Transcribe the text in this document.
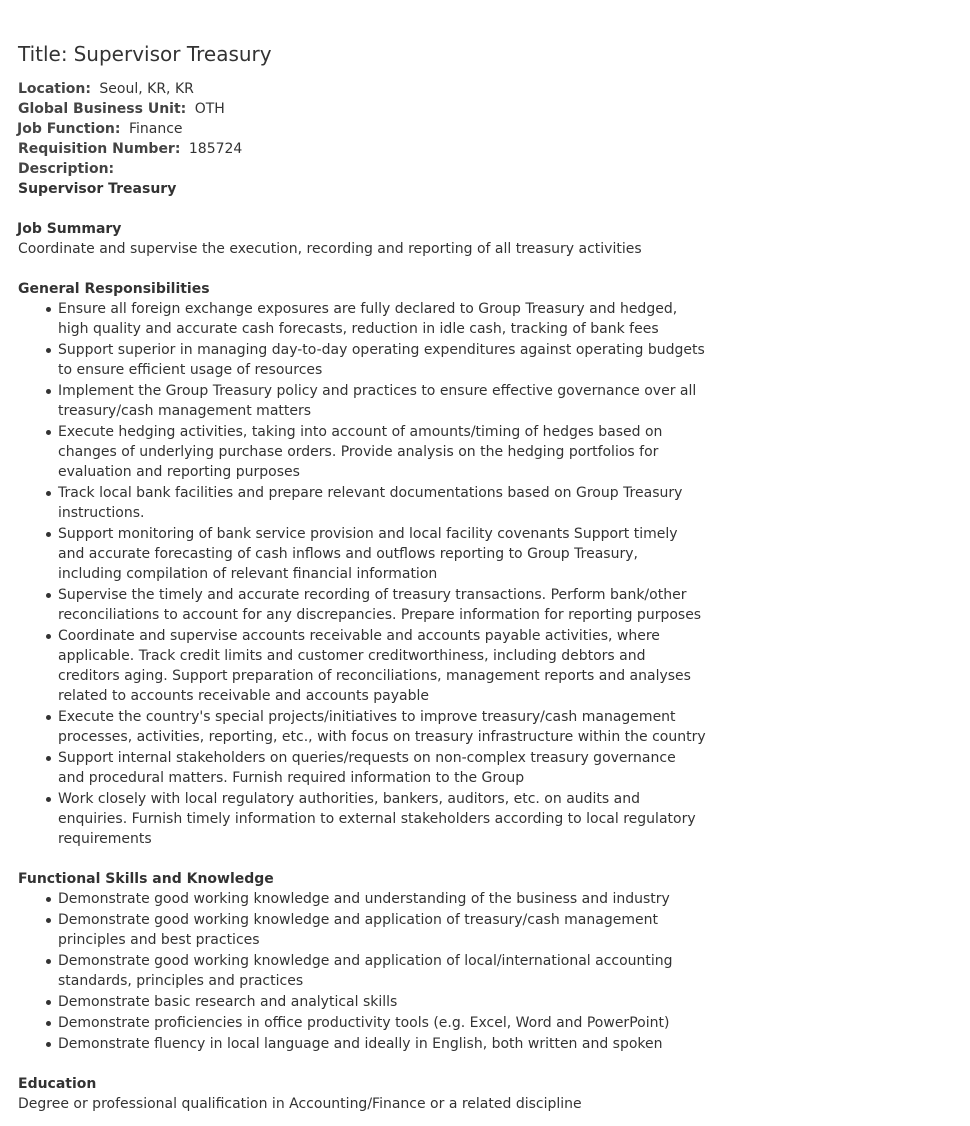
Title: Supervisor Treasury
Location: Seoul, KR, KR
Global Business Unit: OTH
Job Function: Finance
Requisition Number: 185724
Description:
Supervisor Treasury
Job Summary
Coordinate and supervise the execution, recording and reporting of all treasury activities
General Responsibilities
Ensure all foreign exchange exposures are fully declared to Group Treasury and hedged, high quality and accurate cash forecasts, reduction in idle cash, tracking of bank fees
Support superior in managing day-to-day operating expenditures against operating budgets to ensure efficient usage of resources
Implement the Group Treasury policy and practices to ensure effective governance over all treasury/cash management matters
Execute hedging activities, taking into account of amounts/timing of hedges based on changes of underlying purchase orders. Provide analysis on the hedging portfolios for evaluation and reporting purposes
Track local bank facilities and prepare relevant documentations based on Group Treasury instructions.
Support monitoring of bank service provision and local facility covenants Support timely and accurate forecasting of cash inflows and outflows reporting to Group Treasury, including compilation of relevant financial information
Supervise the timely and accurate recording of treasury transactions. Perform bank/other reconciliations to account for any discrepancies. Prepare information for reporting purposes
Coordinate and supervise accounts receivable and accounts payable activities, where applicable. Track credit limits and customer creditworthiness, including debtors and creditors aging. Support preparation of reconciliations, management reports and analyses related to accounts receivable and accounts payable
Execute the country's special projects/initiatives to improve treasury/cash management processes, activities, reporting, etc., with focus on treasury infrastructure within the country
Support internal stakeholders on queries/requests on non-complex treasury governance and procedural matters. Furnish required information to the Group
Work closely with local regulatory authorities, bankers, auditors, etc. on audits and enquiries. Furnish timely information to external stakeholders according to local regulatory requirements
Functional Skills and Knowledge
Demonstrate good working knowledge and understanding of the business and industry
Demonstrate good working knowledge and application of treasury/cash management principles and best practices
Demonstrate good working knowledge and application of local/international accounting standards, principles and practices
Demonstrate basic research and analytical skills
Demonstrate proficiencies in office productivity tools (e.g. Excel, Word and PowerPoint)
Demonstrate fluency in local language and ideally in English, both written and spoken
Education
Degree or professional qualification in Accounting/Finance or a related discipline
